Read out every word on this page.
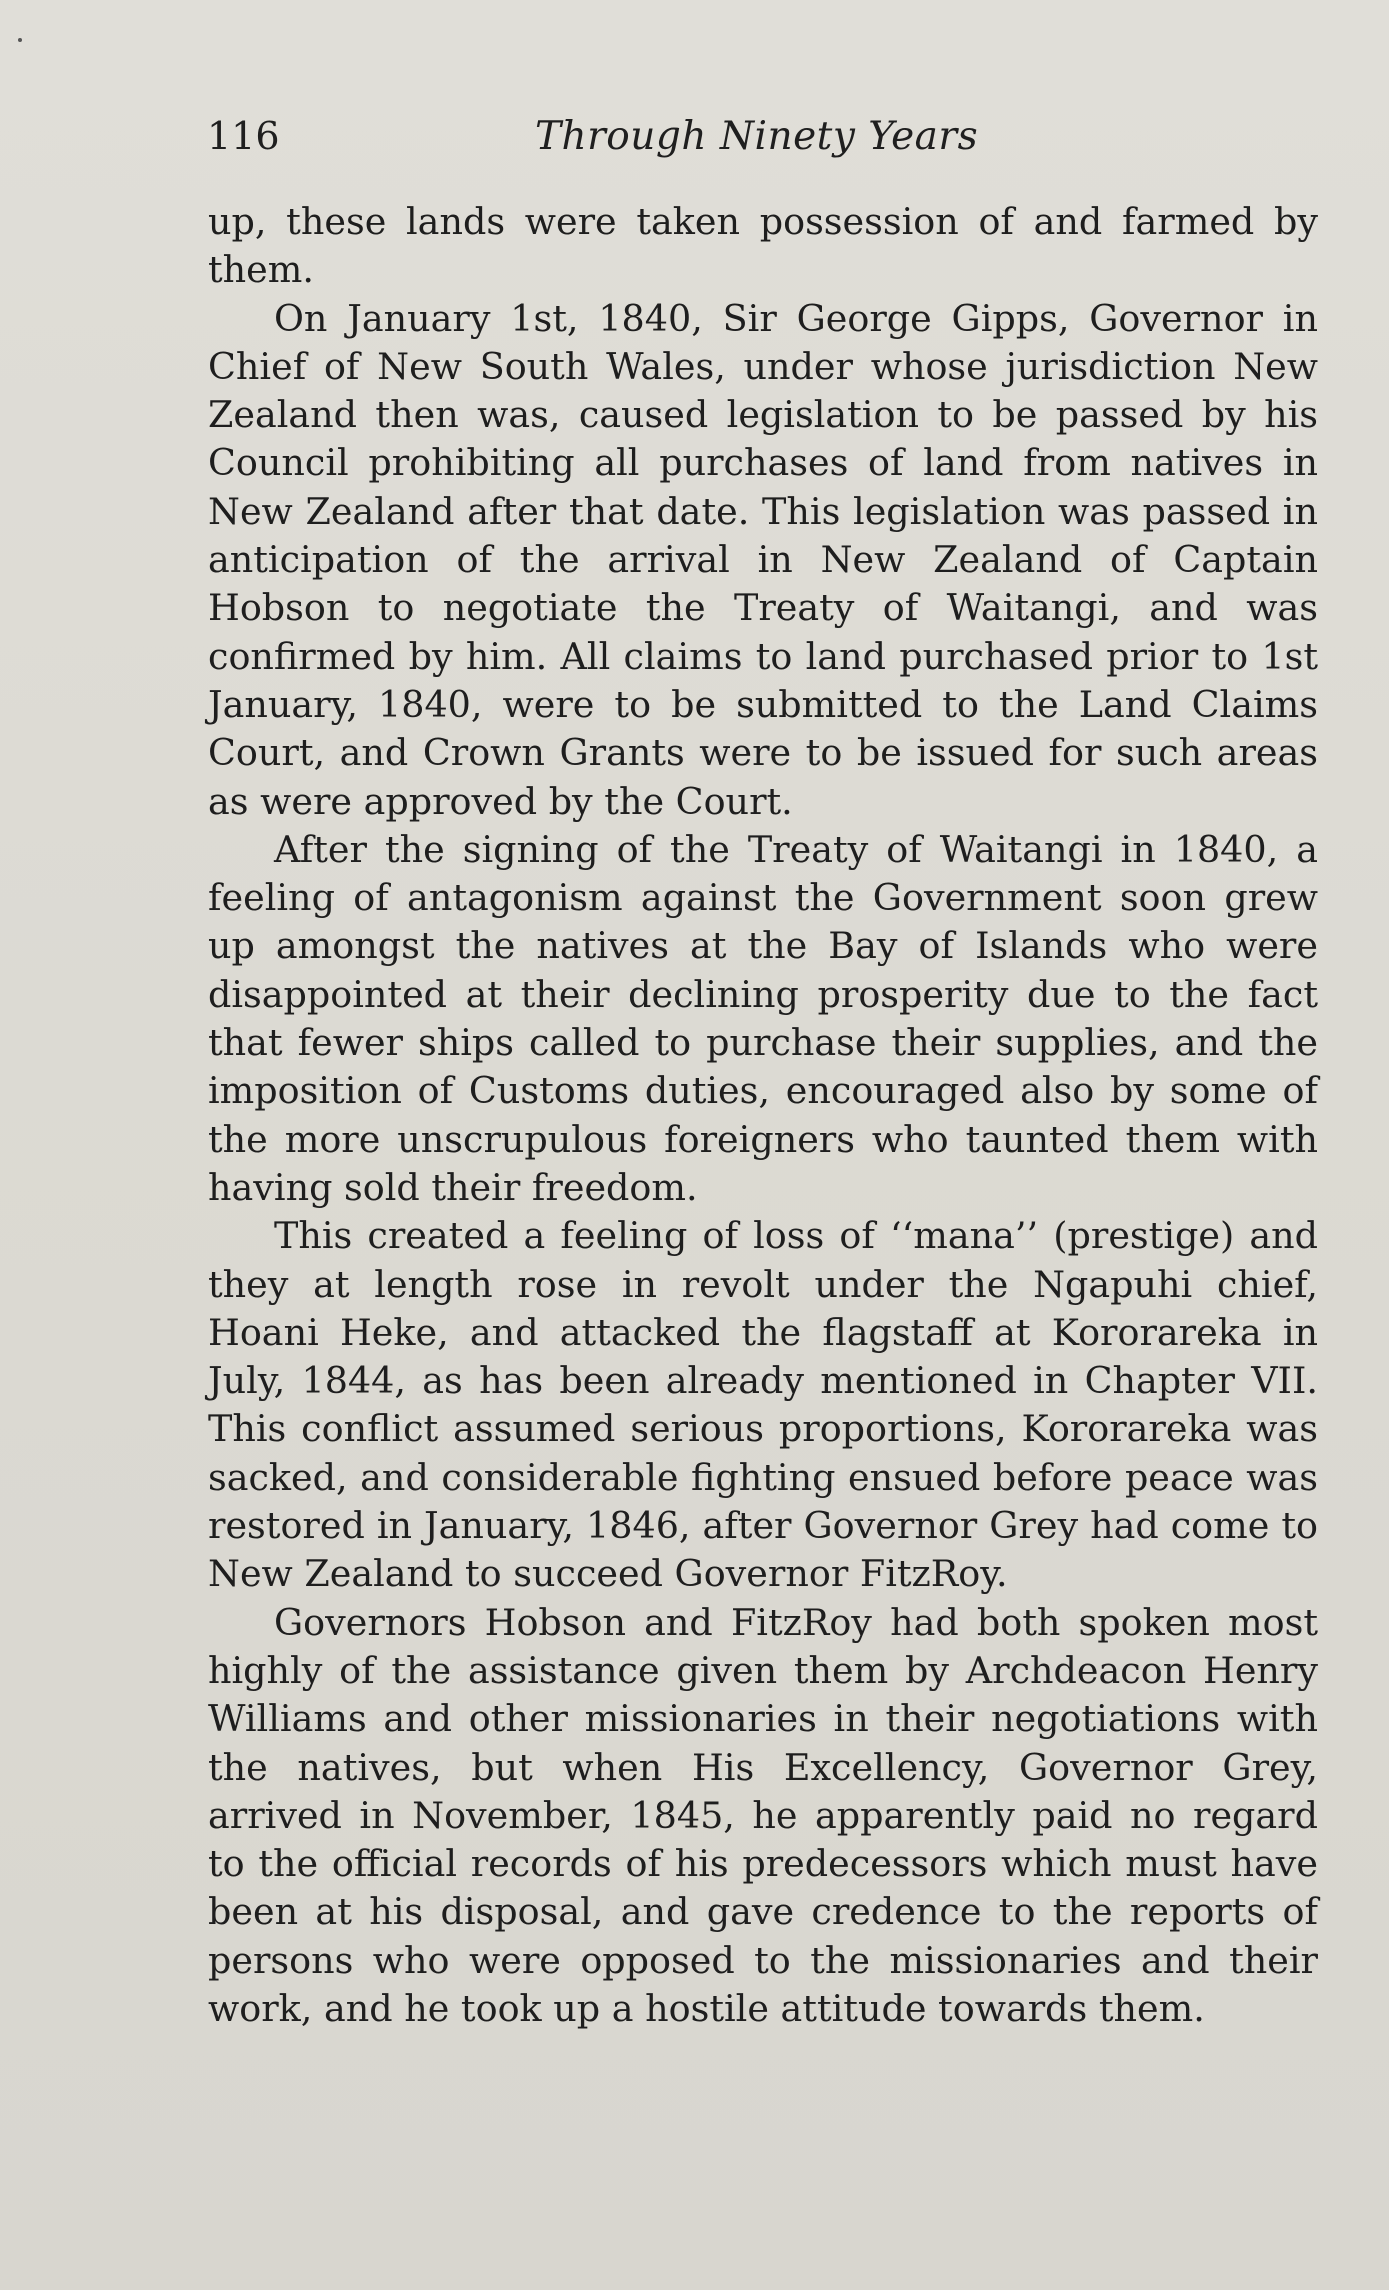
116	Through Ninety Years

up, these lands were taken possession of and farmed by them.

On January 1st, 1840, Sir George Gipps, Governor in Chief of New South Wales, under whose jurisdiction New Zealand then was, caused legislation to be passed by his Council prohibiting all purchases of land from natives in New Zealand after that date. This legislation was passed in anticipation of the arrival in New Zealand of Captain Hobson to negotiate the Treaty of Waitangi, and was confirmed by him. All claims to land purchased prior to 1st January, 1840, were to be submitted to the Land Claims Court, and Crown Grants were to be issued for such areas as were approved by the Court.

After the signing of the Treaty of Waitangi in 1840, a feeling of antagonism against the Government soon grew up amongst the natives at the Bay of Islands who were disappointed at their declining prosperity due to the fact that fewer ships called to purchase their supplies, and the imposition of Customs duties, encouraged also by some of the more unscrupulous foreigners who taunted them with having sold their freedom.

This created a feeling of loss of ‘‘mana’’ (prestige) and they at length rose in revolt under the Ngapuhi chief, Hoani Heke, and attacked the flagstaff at Kororareka in July, 1844, as has been already mentioned in Chapter VII. This conflict assumed serious proportions, Kororareka was sacked, and considerable fighting ensued before peace was restored in January, 1846, after Governor Grey had come to New Zealand to succeed Governor FitzRoy.

Governors Hobson and FitzRoy had both spoken most highly of the assistance given them by Archdeacon Henry Williams and other missionaries in their negotiations with the natives, but when His Excellency, Governor Grey, arrived in November, 1845, he apparently paid no regard to the official records of his predecessors which must have been at his disposal, and gave credence to the reports of persons who were opposed to the missionaries and their work, and he took up a hostile attitude towards them.
